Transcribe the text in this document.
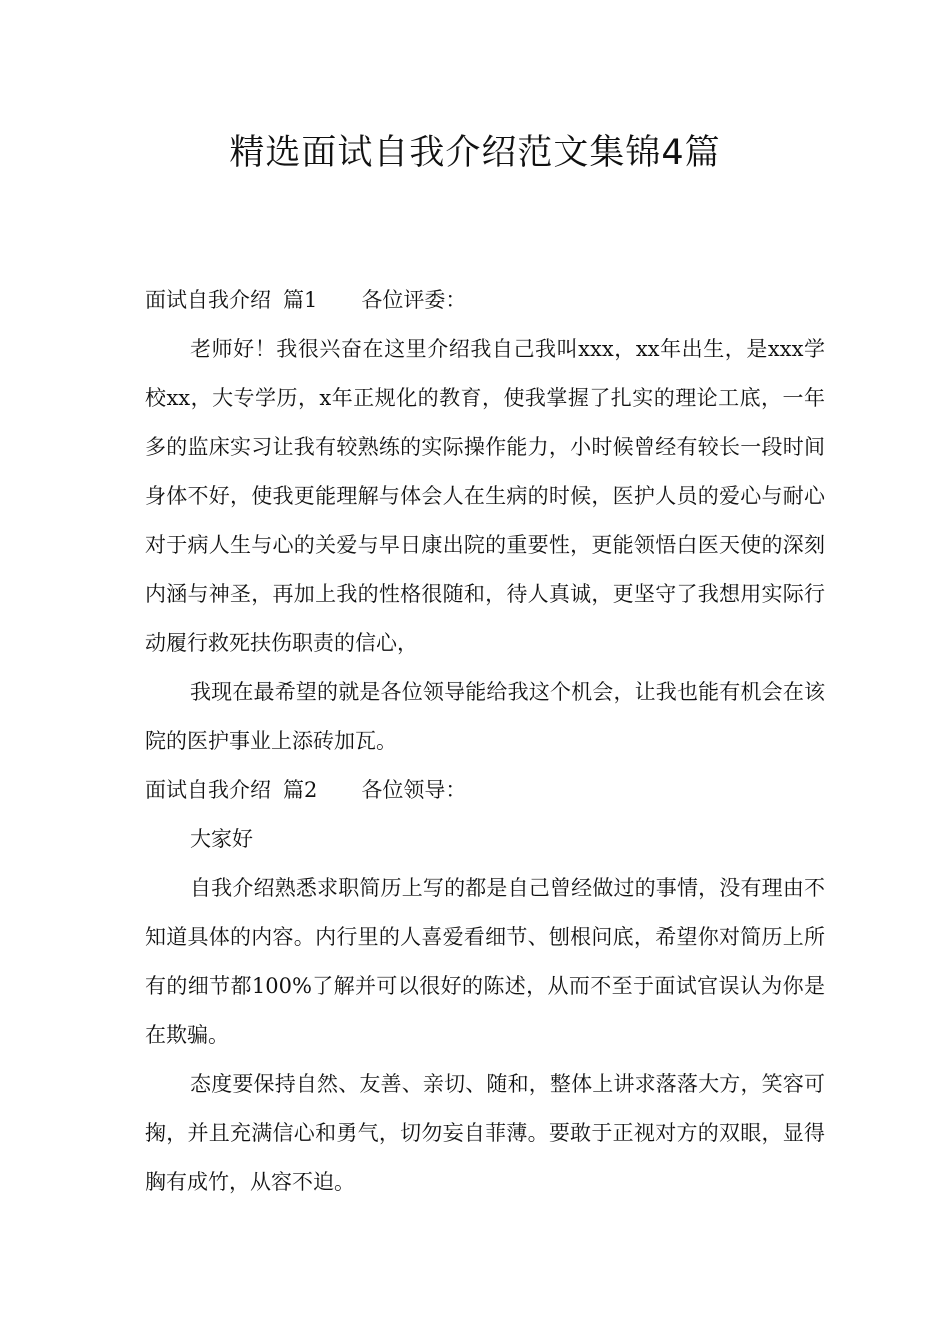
精选面试自我介绍范文集锦4篇

面试自我介绍 篇1 各位评委：

老师好！我很兴奋在这里介绍我自己我叫xxx，xx年出生，是xxx学校xx，大专学历，x年正规化的教育，使我掌握了扎实的理论工底，一年多的监床实习让我有较熟练的实际操作能力，小时候曾经有较长一段时间身体不好，使我更能理解与体会人在生病的时候，医护人员的爱心与耐心对于病人生与心的关爱与早日康出院的重要性，更能领悟白医天使的深刻内涵与神圣，再加上我的性格很随和，待人真诚，更坚守了我想用实际行动履行救死扶伤职责的信心，

我现在最希望的就是各位领导能给我这个机会，让我也能有机会在该院的医护事业上添砖加瓦。

面试自我介绍 篇2 各位领导：

大家好

自我介绍熟悉求职简历上写的都是自己曾经做过的事情，没有理由不知道具体的内容。内行里的人喜爱看细节、刨根问底，希望你对简历上所有的细节都100%了解并可以很好的陈述，从而不至于面试官误认为你是在欺骗。

态度要保持自然、友善、亲切、随和，整体上讲求落落大方，笑容可掬，并且充满信心和勇气，切勿妄自菲薄。要敢于正视对方的双眼，显得胸有成竹，从容不迫。
